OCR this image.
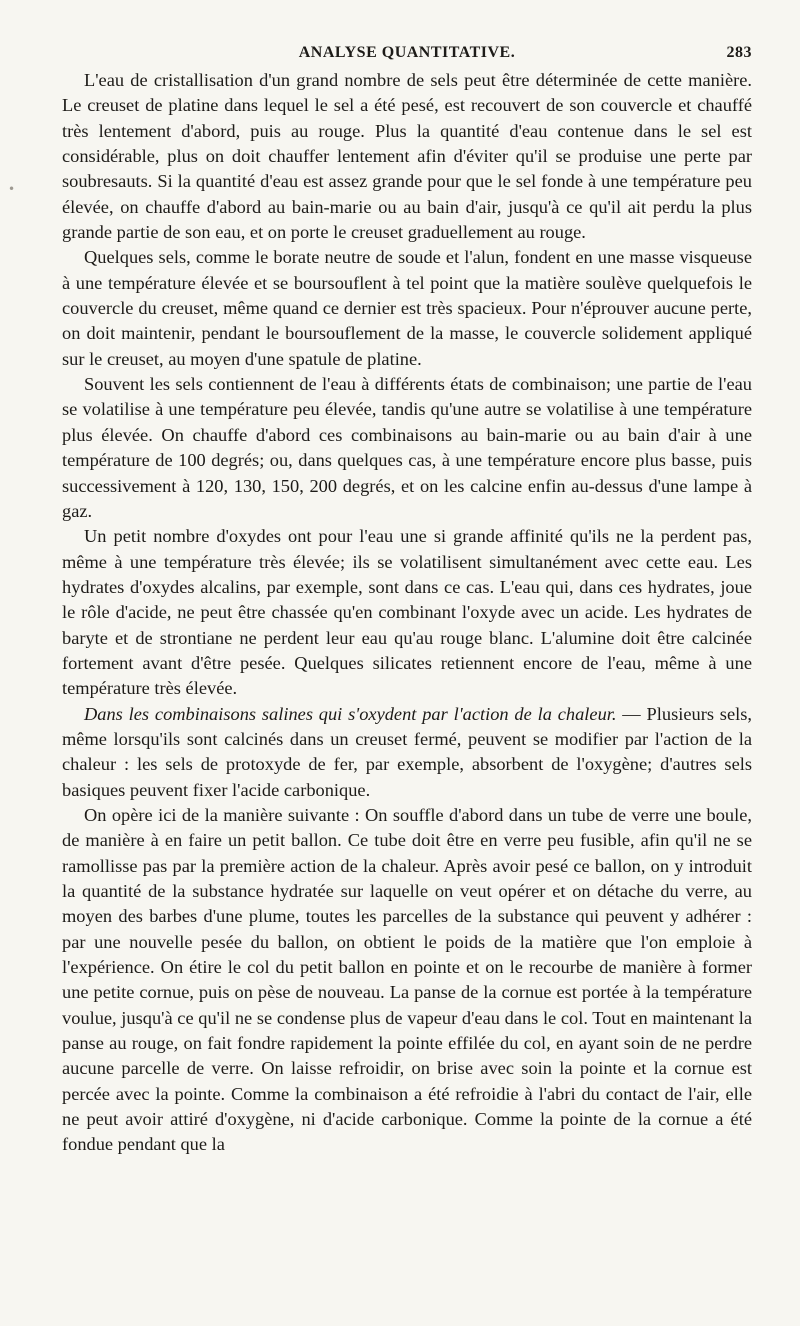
•
ANALYSE QUANTITATIVE.	283

L'eau de cristallisation d'un grand nombre de sels peut être déterminée de cette manière. Le creuset de platine dans lequel le sel a été pesé, est recouvert de son couvercle et chauffé très lentement d'abord, puis au rouge. Plus la quantité d'eau contenue dans le sel est considérable, plus on doit chauffer lentement afin d'éviter qu'il se produise une perte par soubresauts. Si la quantité d'eau est assez grande pour que le sel fonde à une température peu élevée, on chauffe d'abord au bain-marie ou au bain d'air, jusqu'à ce qu'il ait perdu la plus grande partie de son eau, et on porte le creuset graduellement au rouge.

Quelques sels, comme le borate neutre de soude et l'alun, fondent en une masse visqueuse à une température élevée et se boursouflent à tel point que la matière soulève quelquefois le couvercle du creuset, même quand ce dernier est très spacieux. Pour n'éprouver aucune perte, on doit maintenir, pendant le boursouflement de la masse, le couvercle solidement appliqué sur le creuset, au moyen d'une spatule de platine.

Souvent les sels contiennent de l'eau à différents états de combinaison; une partie de l'eau se volatilise à une température peu élevée, tandis qu'une autre se volatilise à une température plus élevée. On chauffe d'abord ces combinaisons au bain-marie ou au bain d'air à une température de 100 degrés; ou, dans quelques cas, à une température encore plus basse, puis successivement à 120, 130, 150, 200 degrés, et on les calcine enfin au-dessus d'une lampe à gaz.

Un petit nombre d'oxydes ont pour l'eau une si grande affinité qu'ils ne la perdent pas, même à une température très élevée; ils se volatilisent simultanément avec cette eau. Les hydrates d'oxydes alcalins, par exemple, sont dans ce cas. L'eau qui, dans ces hydrates, joue le rôle d'acide, ne peut être chassée qu'en combinant l'oxyde avec un acide. Les hydrates de baryte et de strontiane ne perdent leur eau qu'au rouge blanc. L'alumine doit être calcinée fortement avant d'être pesée. Quelques silicates retiennent encore de l'eau, même à une température très élevée.

Dans les combinaisons salines qui s'oxydent par l'action de la chaleur. — Plusieurs sels, même lorsqu'ils sont calcinés dans un creuset fermé, peuvent se modifier par l'action de la chaleur : les sels de protoxyde de fer, par exemple, absorbent de l'oxygène; d'autres sels basiques peuvent fixer l'acide carbonique.

On opère ici de la manière suivante : On souffle d'abord dans un tube de verre une boule, de manière à en faire un petit ballon. Ce tube doit être en verre peu fusible, afin qu'il ne se ramollisse pas par la première action de la chaleur. Après avoir pesé ce ballon, on y introduit la quantité de la substance hydratée sur laquelle on veut opérer et on détache du verre, au moyen des barbes d'une plume, toutes les parcelles de la substance qui peuvent y adhérer : par une nouvelle pesée du ballon, on obtient le poids de la matière que l'on emploie à l'expérience. On étire le col du petit ballon en pointe et on le recourbe de manière à former une petite cornue, puis on pèse de nouveau. La panse de la cornue est portée à la température voulue, jusqu'à ce qu'il ne se condense plus de vapeur d'eau dans le col. Tout en maintenant la panse au rouge, on fait fondre rapidement la pointe effilée du col, en ayant soin de ne perdre aucune parcelle de verre. On laisse refroidir, on brise avec soin la pointe et la cornue est percée avec la pointe. Comme la combinaison a été refroidie à l'abri du contact de l'air, elle ne peut avoir attiré d'oxygène, ni d'acide carbonique. Comme la pointe de la cornue a été fondue pendant que la
